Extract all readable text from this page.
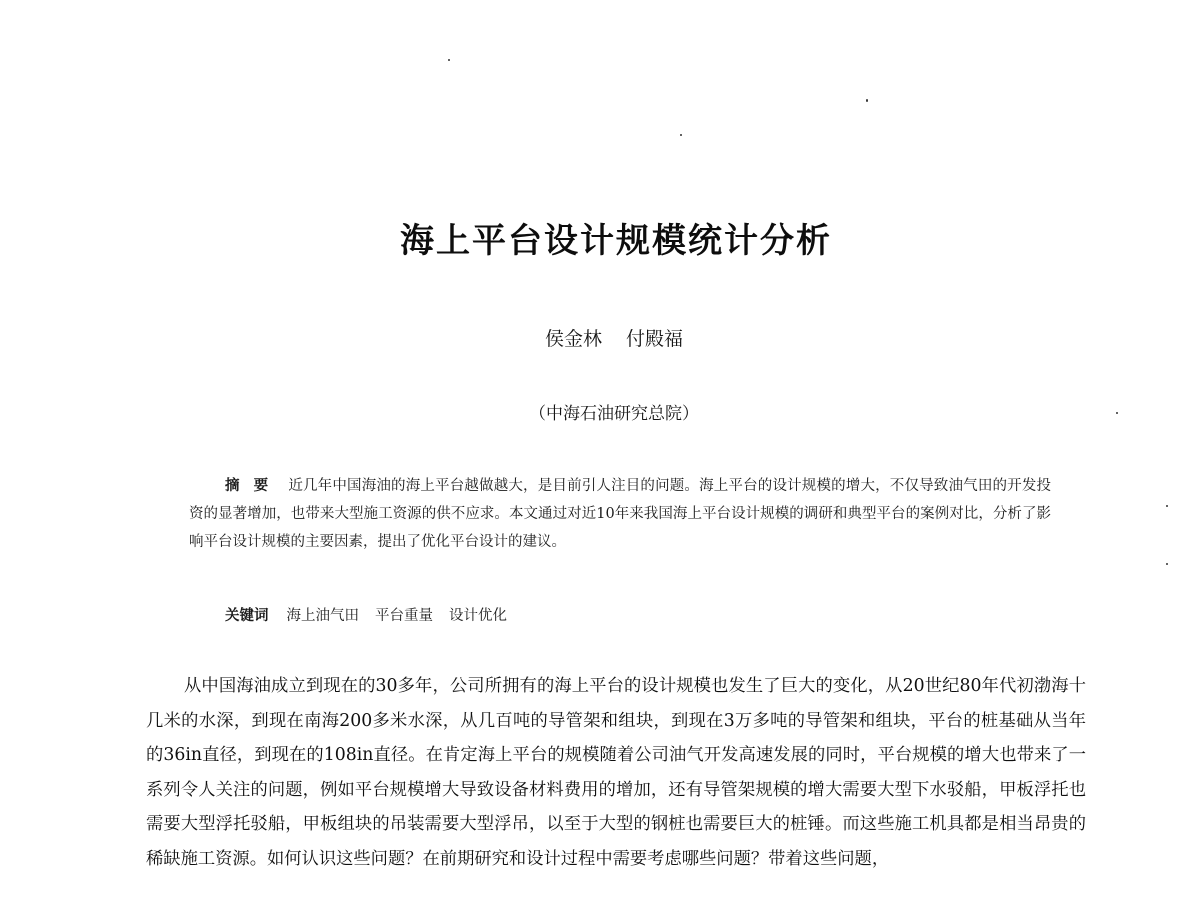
海上平台设计规模统计分析
侯金林 付殿福
（中海石油研究总院）

摘要 近几年中国海油的海上平台越做越大，是目前引人注目的问题。海上平台的设计规模的增大，不仅导致油气田的开发投资的显著增加，也带来大型施工资源的供不应求。本文通过对近10年来我国海上平台设计规模的调研和典型平台的案例对比，分析了影响平台设计规模的主要因素，提出了优化平台设计的建议。

关键词 海上油气田 平台重量 设计优化

从中国海油成立到现在的30多年，公司所拥有的海上平台的设计规模也发生了巨大的变化，从20世纪80年代初渤海十几米的水深，到现在南海200多米水深，从几百吨的导管架和组块，到现在3万多吨的导管架和组块，平台的桩基础从当年的36in直径，到现在的108in直径。在肯定海上平台的规模随着公司油气开发高速发展的同时，平台规模的增大也带来了一系列令人关注的问题，例如平台规模增大导致设备材料费用的增加，还有导管架规模的增大需要大型下水驳船，甲板浮托也需要大型浮托驳船，甲板组块的吊装需要大型浮吊，以至于大型的钢桩也需要巨大的桩锤。而这些施工机具都是相当昂贵的稀缺施工资源。如何认识这些问题？在前期研究和设计过程中需要考虑哪些问题？带着这些问题，
